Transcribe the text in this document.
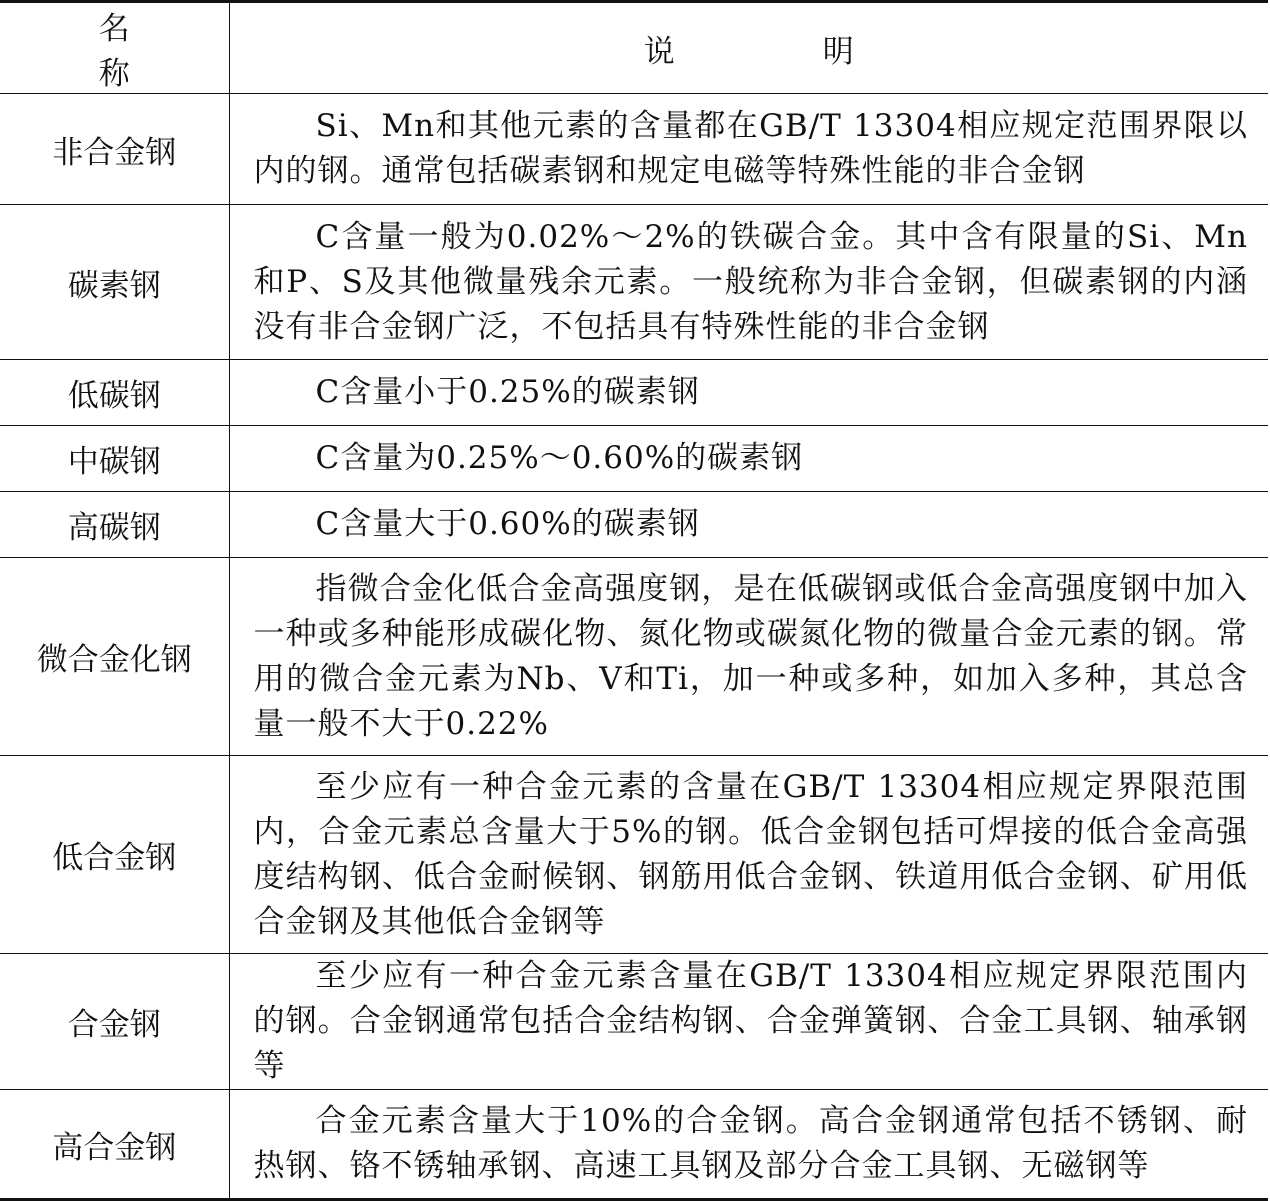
名称	说明
非合金钢	Si、Mn和其他元素的含量都在GB/T 13304相应规定范围界限以内的钢。通常包括碳素钢和规定电磁等特殊性能的非合金钢
碳素钢	C含量一般为0.02%～2%的铁碳合金。其中含有限量的Si、Mn和P、S及其他微量残余元素。一般统称为非合金钢，但碳素钢的内涵没有非合金钢广泛，不包括具有特殊性能的非合金钢
低碳钢	C含量小于0.25%的碳素钢
中碳钢	C含量为0.25%～0.60%的碳素钢
高碳钢	C含量大于0.60%的碳素钢
微合金化钢	指微合金化低合金高强度钢，是在低碳钢或低合金高强度钢中加入一种或多种能形成碳化物、氮化物或碳氮化物的微量合金元素的钢。常用的微合金元素为Nb、V和Ti，加一种或多种，如加入多种，其总含量一般不大于0.22%
低合金钢	至少应有一种合金元素的含量在GB/T 13304相应规定界限范围内，合金元素总含量大于5%的钢。低合金钢包括可焊接的低合金高强度结构钢、低合金耐候钢、钢筋用低合金钢、铁道用低合金钢、矿用低合金钢及其他低合金钢等
合金钢	至少应有一种合金元素含量在GB/T 13304相应规定界限范围内的钢。合金钢通常包括合金结构钢、合金弹簧钢、合金工具钢、轴承钢等
高合金钢	合金元素含量大于10%的合金钢。高合金钢通常包括不锈钢、耐热钢、铬不锈轴承钢、高速工具钢及部分合金工具钢、无磁钢等
